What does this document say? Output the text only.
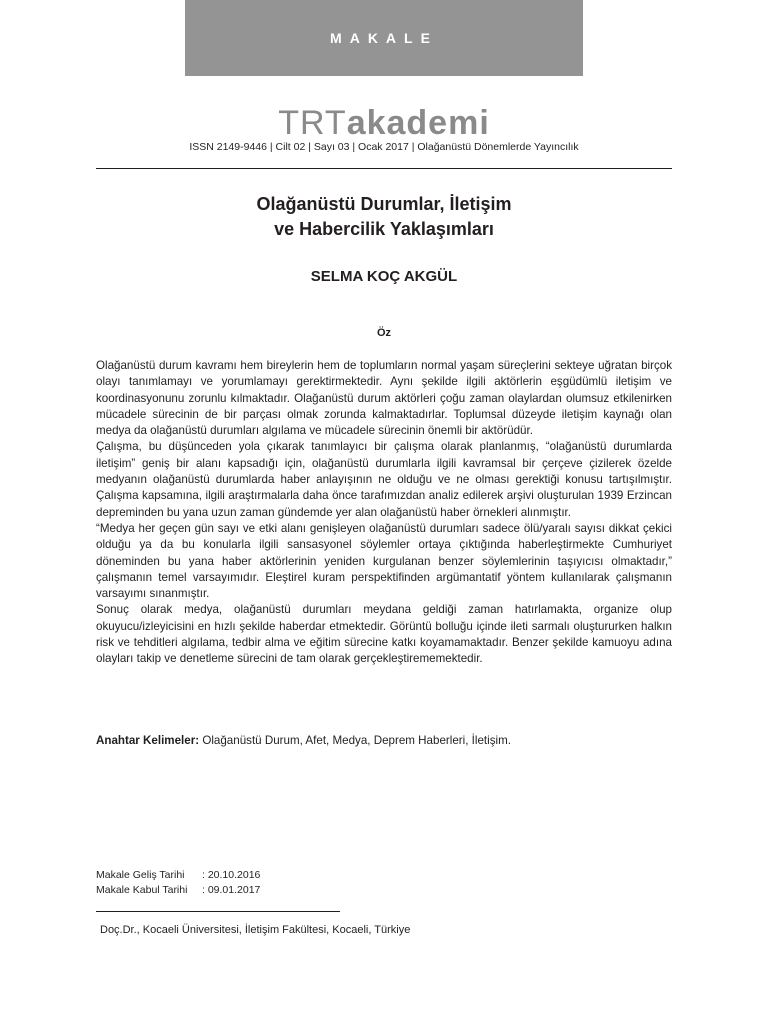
MAKALE
TRTakademi
ISSN 2149-9446 | Cilt 02 | Sayı 03 | Ocak 2017 | Olağanüstü Dönemlerde Yayıncılık
Olağanüstü Durumlar, İletişim
ve Habercilik Yaklaşımları
SELMA KOÇ AKGÜL
Öz

Olağanüstü durum kavramı hem bireylerin hem de toplumların normal yaşam süreçlerini sekteye uğratan birçok olayı tanımlamayı ve yorumlamayı gerektirmektedir. Aynı şekilde ilgili aktörlerin eşgüdümlü iletişim ve koordinasyonunu zorunlu kılmaktadır. Olağanüstü durum aktörleri çoğu zaman olaylardan olumsuz etkilenirken mücadele sürecinin de bir parçası olmak zorunda kalmaktadırlar. Toplumsal düzeyde iletişim kaynağı olan medya da olağanüstü durumları algılama ve mücadele sürecinin önemli bir aktörüdür.

Çalışma, bu düşünceden yola çıkarak tanımlayıcı bir çalışma olarak planlanmış, “olağanüstü durumlarda iletişim” geniş bir alanı kapsadığı için, olağanüstü durumlarla ilgili kavramsal bir çerçeve çizilerek özelde medyanın olağanüstü durumlarda haber anlayışının ne olduğu ve ne olması gerektiği konusu tartışılmıştır. Çalışma kapsamına, ilgili araştırmalarla daha önce tarafımızdan analiz edilerek arşivi oluşturulan 1939 Erzincan depreminden bu yana uzun zaman gündemde yer alan olağanüstü haber örnekleri alınmıştır.

“Medya her geçen gün sayı ve etki alanı genişleyen olağanüstü durumları sadece ölü/yaralı sayısı dikkat çekici olduğu ya da bu konularla ilgili sansasyonel söylemler ortaya çıktığında haberleştirmekte Cumhuriyet döneminden bu yana haber aktörlerinin yeniden kurgulanan benzer söylemlerinin taşıyıcısı olmaktadır,” çalışmanın temel varsayımıdır. Eleştirel kuram perspektifinden argümantatif yöntem kullanılarak çalışmanın varsayımı sınanmıştır.

Sonuç olarak medya, olağanüstü durumları meydana geldiği zaman hatırlamakta, organize olup okuyucu/izleyicisini en hızlı şekilde haberdar etmektedir. Görüntü bolluğu içinde ileti sarmalı oluştururken halkın risk ve tehditleri algılama, tedbir alma ve eğitim sürecine katkı koyamamaktadır. Benzer şekilde kamuoyu adına olayları takip ve denetleme sürecini de tam olarak gerçekleştirememektedir.

Anahtar Kelimeler: Olağanüstü Durum, Afet, Medya, Deprem Haberleri, İletişim.
Makale Geliş Tarihi	: 20.10.2016
Makale Kabul Tarihi	: 09.01.2017
Doç.Dr., Kocaeli Üniversitesi, İletişim Fakültesi, Kocaeli, Türkiye
